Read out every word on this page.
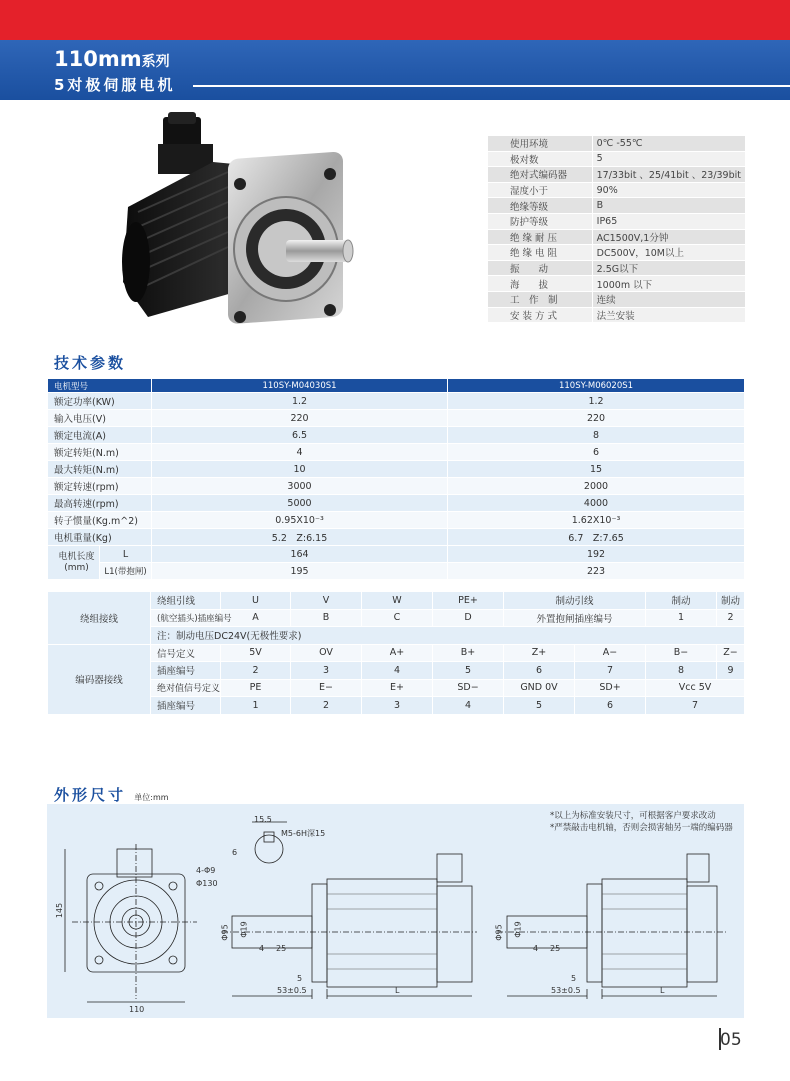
110mm系列
5对极伺服电机
使用环境	0℃ -55℃
极对数	5
绝对式编码器	17/33bit 、25/41bit 、23/39bit
湿度小于	90%
绝缘等级	B
防护等级	IP65
绝 缘 耐 压	AC1500V,1分钟
绝 缘 电 阻	DC500V，10M以上
振　　动	2.5G以下
海　　拔	1000m 以下
工　作　制	连续
安 装 方 式	法兰安装
技术参数
电机型号		110SY-M04030S1	110SY-M06020S1
额定功率(KW)		1.2	1.2
输入电压(V)		220	220
额定电流(A)		6.5	8
额定转矩(N.m)		4	6
最大转矩(N.m)		10	15
额定转速(rpm)		3000	2000
最高转速(rpm)		5000	4000
转子惯量(Kg.m^2)		0.95X10⁻³	1.62X10⁻³
电机重量(Kg)		5.2　Z:6.15	6.7　Z:7.65
电机长度
(mm)	L	164	192
	L1(带抱闸)	195	223
绕组接线	绕组引线	U	V	W	PE+	制动引线		制动	制动
	(航空插头)插座编号	A	B	C	D	外置抱闸插座编号		1	2
	注：制动电压DC24V(无极性要求)								
编码器接线	信号定义	5V	OV	A+	B+	Z+	A−	B−	Z−
	插座编号	2	3	4	5	6	7	8	9
	绝对值信号定义	PE	E−	E+	SD−	GND 0V	SD+	Vcc 5V	
	插座编号	1	2	3	4	5	6	7	
外形尺寸 单位:mm
*以上为标准安装尺寸，可根据客户要求改动
*严禁敲击电机轴，否则会损害轴另一端的编码器
145
110
4-Φ9
Φ130
15.5
M5-6H深15
6
Φ95 Φ19
4 25
5
53±0.5	L
Φ95 Φ19
4 25
5
53±0.5	L
05
